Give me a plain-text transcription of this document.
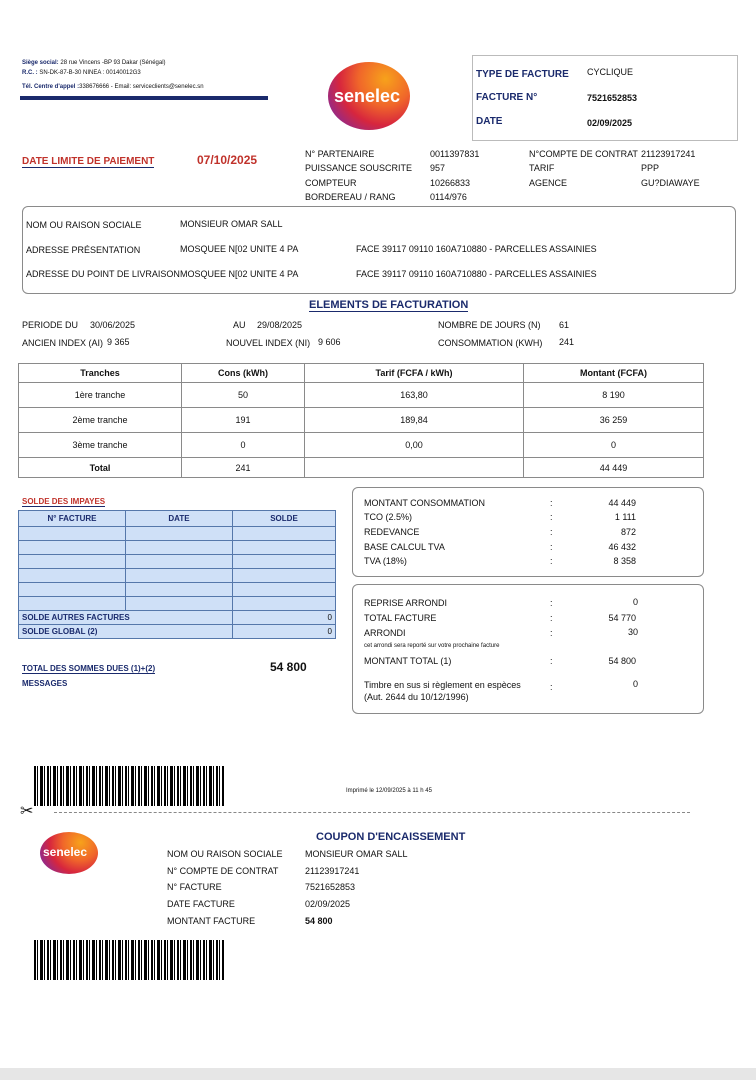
Siège social: 28 rue Vincens -BP 93 Dakar (Sénégal)
R.C. : SN-DK-87-B-30 NINEA : 00140012G3
Tél. Centre d'appel :338676666 - Email: serviceclients@senelec.sn	senelec
TYPE DE FACTURE CYCLIQUE
FACTURE N°	7521652853
DATE	02/09/2025
DATE LIMITE DE PAIEMENT	07/10/2025	N° PARTENAIRE	0011397831
PUISSANCE SOUSCRITE 957
COMPTEUR	10266833
BORDEREAU / RANG	0114/976
N°COMPTE DE CONTRAT 21123917241
TARIF	PPP
AGENCE	GU?DIAWAYE
NOM OU RAISON SOCIALE	MONSIEUR OMAR SALL
ADRESSE PRÉSENTATION	MOSQUEE N[02 UNITE 4 PA	FACE 39117 09110 160A710880 - PARCELLES ASSAINIES
ADRESSE DU POINT DE LIVRAISON MOSQUEE N[02 UNITE 4 PA	FACE 39117 09110 160A710880 - PARCELLES ASSAINIES
ELEMENTS DE FACTURATION
PERIODE DU 30/06/2025	AU 29/08/2025	NOMBRE DE JOURS (N) 61
ANCIEN INDEX (AI) 9 365	NOUVEL INDEX (NI) 9 606	CONSOMMATION (KWH) 241
Tranches	Cons (kWh)	Tarif (FCFA / kWh)	Montant (FCFA)
1ère tranche	50	163,80	8 190
2ème tranche	191	189,84	36 259
3ème tranche	0	0,00	0
Total	241		44 449
SOLDE DES IMPAYES
N° FACTURE	DATE	SOLDE

SOLDE AUTRES FACTURES		0
SOLDE GLOBAL (2)		0
TOTAL DES SOMMES DUES (1)+(2)	54 800
MESSAGES
MONTANT CONSOMMATION	:	44 449
TCO (2.5%)	:	1 111
REDEVANCE	:	872
BASE CALCUL TVA	:	46 432
TVA (18%)	:	8 358
REPRISE ARRONDI	:	0
TOTAL FACTURE	:	54 770
ARRONDI	:	30
cet arrondi sera reporté sur votre prochaine facture
MONTANT TOTAL (1)	:	54 800
Timbre en sus si règlement en espèces
(Aut. 2644 du 10/12/1996)
:	0
Imprimé le 12/09/2025 à 11 h 45
✂
COUPON D'ENCAISSEMENT
senelec	NOM OU RAISON SOCIALE MONSIEUR OMAR SALL
N° COMPTE DE CONTRAT	21123917241
N° FACTURE	7521652853
DATE FACTURE	02/09/2025
MONTANT FACTURE	54 800
